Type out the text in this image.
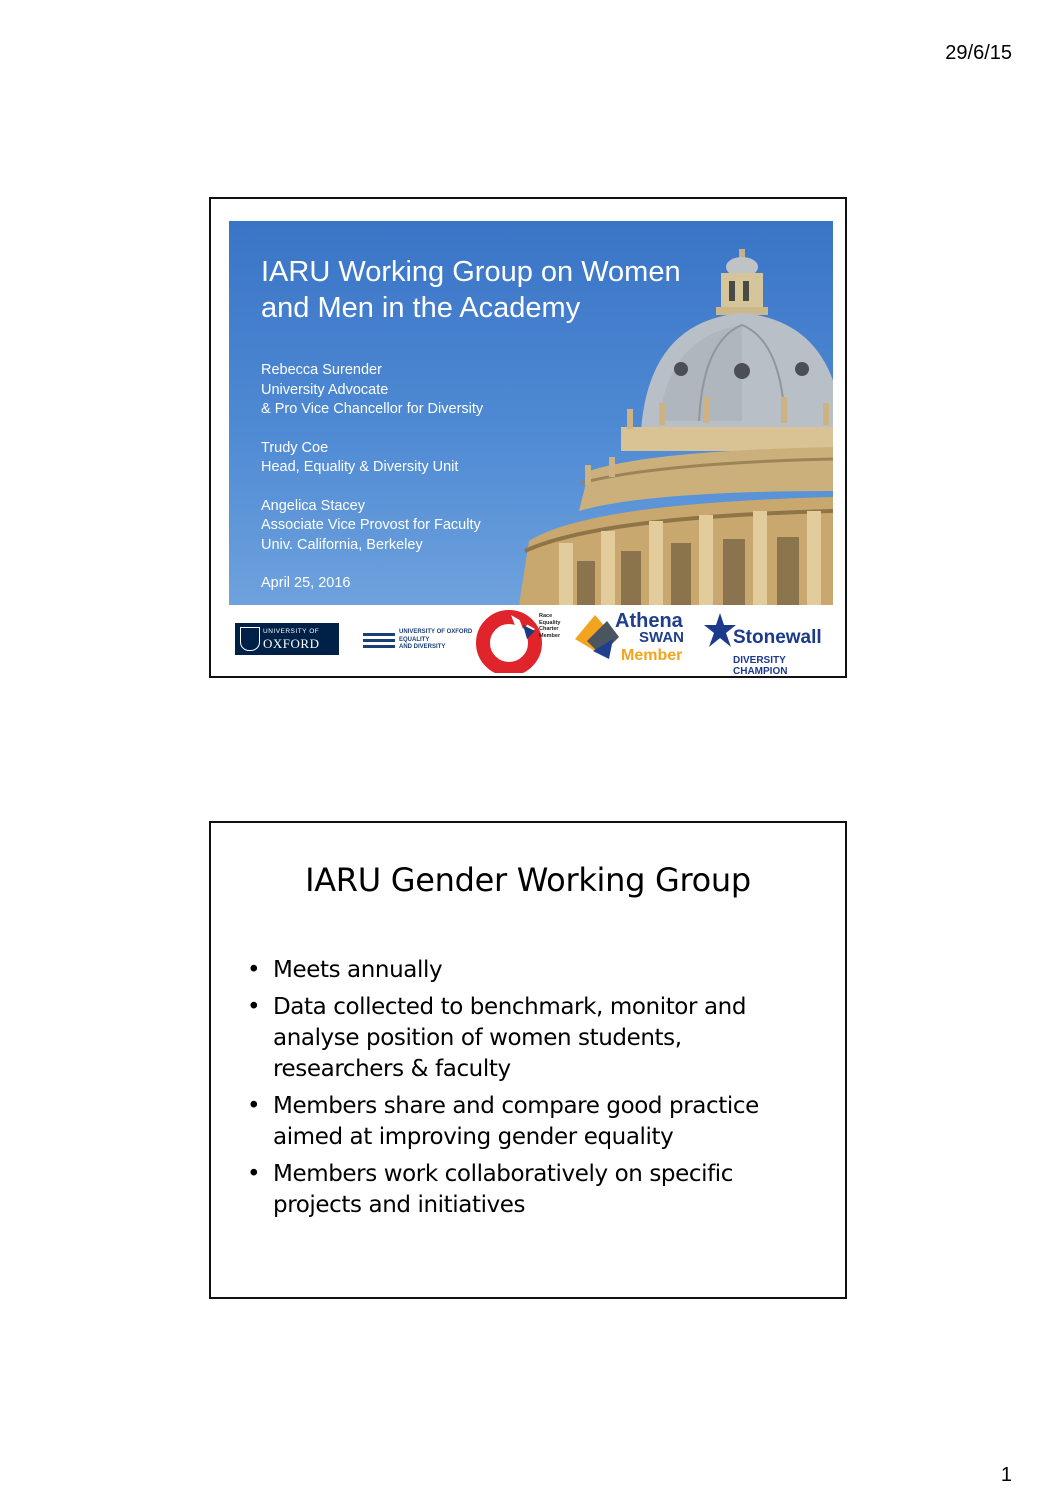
29/6/15
IARU Working Group on Women
and Men in the Academy
Rebecca Surender
University Advocate
& Pro Vice Chancellor for Diversity
Trudy Coe
Head, Equality & Diversity Unit
Angelica Stacey
Associate Vice Provost for Faculty
Univ. California, Berkeley
April 25, 2016
UNIVERSITY OF
OXFORD
UNIVERSITY OF OXFORD
EQUALITY
AND DIVERSITY
Race
Equality
Charter
Member
Athena
SWAN
Member
Stonewall
DIVERSITY CHAMPION
IARU Gender Working Group
• Meets annually
• Data collected to benchmark, monitor and analyse position of women students, researchers & faculty
• Members share and compare good practice aimed at improving gender equality
• Members work collaboratively on specific projects and initiatives
1
